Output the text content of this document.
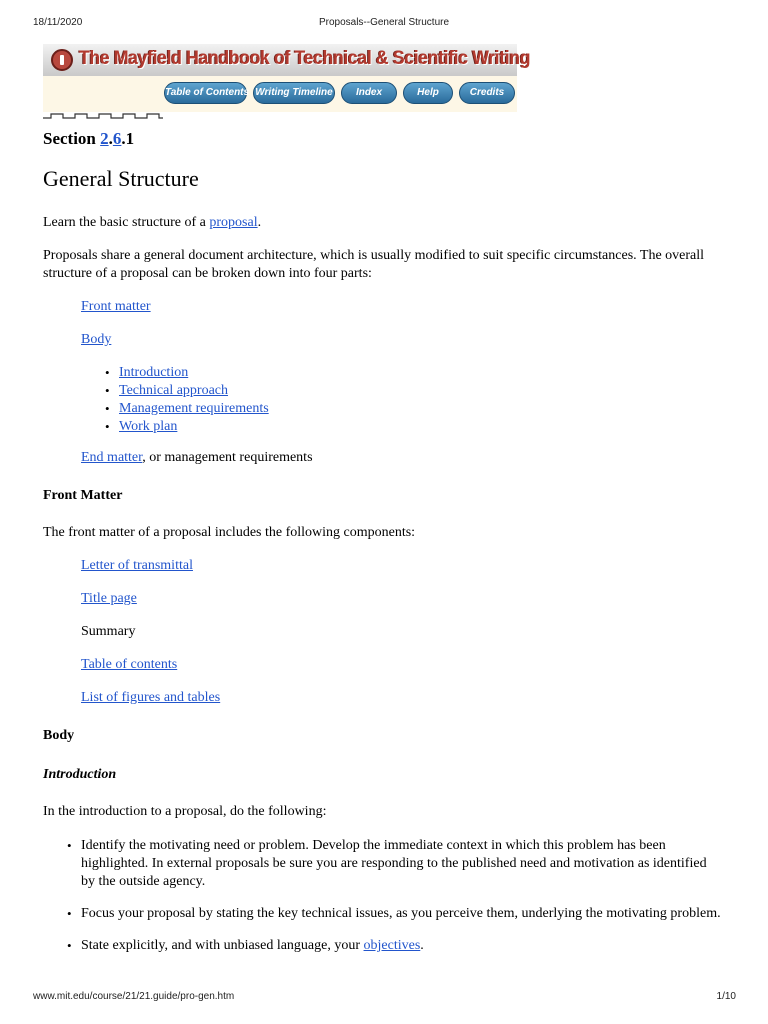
18/11/2020	Proposals--General Structure
The Mayfield Handbook of Technical & Scientific Writing
Table of Contents Writing Timeline	Index	Help	Credits
Section 2.6.1
General Structure
Learn the basic structure of a proposal.
Proposals share a general document architecture, which is usually modified to suit specific circumstances. The overall structure of a proposal can be broken down into four parts:
Front matter
Body
• Introduction
• Technical approach
• Management requirements
• Work plan
End matter, or management requirements
Front Matter
The front matter of a proposal includes the following components:
Letter of transmittal
Title page
Summary
Table of contents
List of figures and tables
Body
Introduction
In the introduction to a proposal, do the following:
• Identify the motivating need or problem. Develop the immediate context in which this problem has been highlighted. In external proposals be sure you are responding to the published need and motivation as identified by the outside agency.
• Focus your proposal by stating the key technical issues, as you perceive them, underlying the motivating problem.
• State explicitly, and with unbiased language, your objectives.
www.mit.edu/course/21/21.guide/pro-gen.htm	1/10
